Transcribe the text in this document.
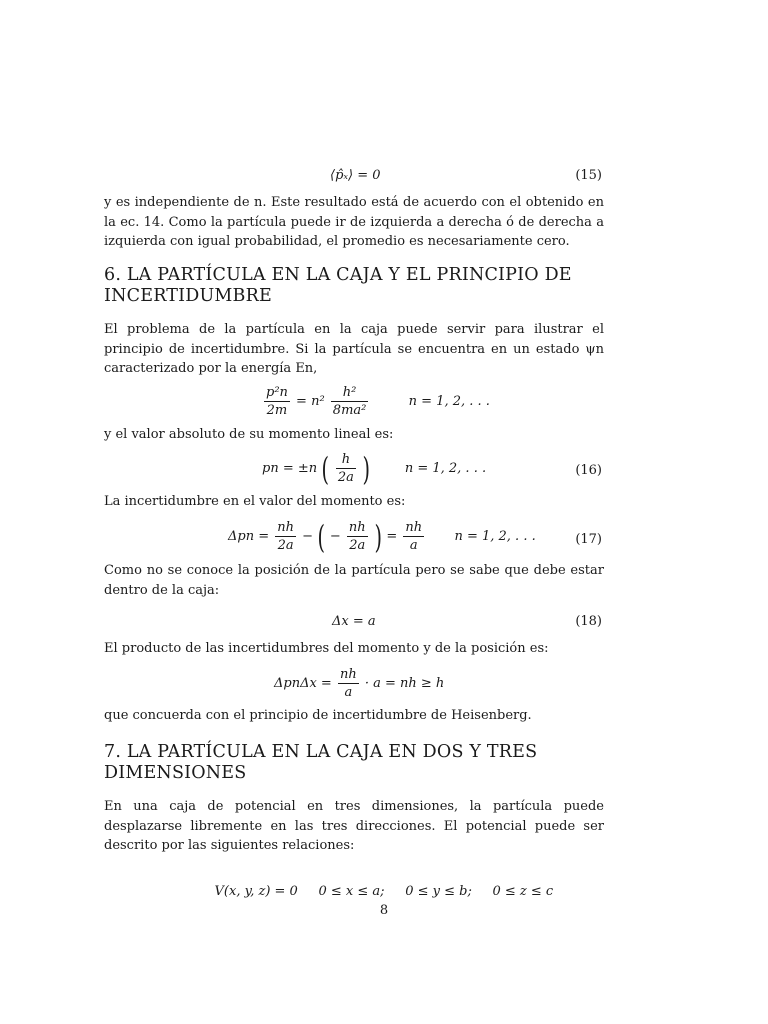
⟨p̂ₓ⟩ = 0	(15)
y es independiente de n. Este resultado está de acuerdo con el obtenido en la ec. 14. Como la partícula puede ir de izquierda a derecha ó de derecha a izquierda con igual probabilidad, el promedio es necesariamente cero.
6. LA PARTÍCULA EN LA CAJA Y EL PRINCIPIO DE INCERTIDUMBRE
El problema de la partícula en la caja puede servir para ilustrar el principio de incertidumbre. Si la partícula se encuentra en un estado ψn caracterizado por la energía En,
$\frac{\text{p²n}}{2m} = n^2 \frac{\text{h²}}{\text{8ma²}}$	n = 1, 2, . . .
y el valor absoluto de su momento lineal es:
pn = ±n ( $\frac{h}{2a}$ )	n = 1, 2, . . .	(16)
La incertidumbre en el valor del momento es:
$\Delta pn = \frac{nh}{2a}$ − ( − $\frac{nh}{2a}$ ) = $\frac{nh}{a}$ n = 1, 2, . . .	(17)
Como no se conoce la posición de la partícula pero se sabe que debe estar dentro de la caja:
Δx = a	(18)
El producto de las incertidumbres del momento y de la posición es:
$\Delta pn\Delta x = \frac{nh}{a} \cdot a$ = nh ≥ h
que concuerda con el principio de incertidumbre de Heisenberg.
7. LA PARTÍCULA EN LA CAJA EN DOS Y TRES DIMENSIONES
En una caja de potencial en tres dimensiones, la partícula puede desplazarse libremente en las tres direcciones. El potencial puede ser descrito por las siguientes relaciones:

V(x, y, z) = 0     0 ≤ x ≤ a;     0 ≤ y ≤ b;     0 ≤ z ≤ c

8
